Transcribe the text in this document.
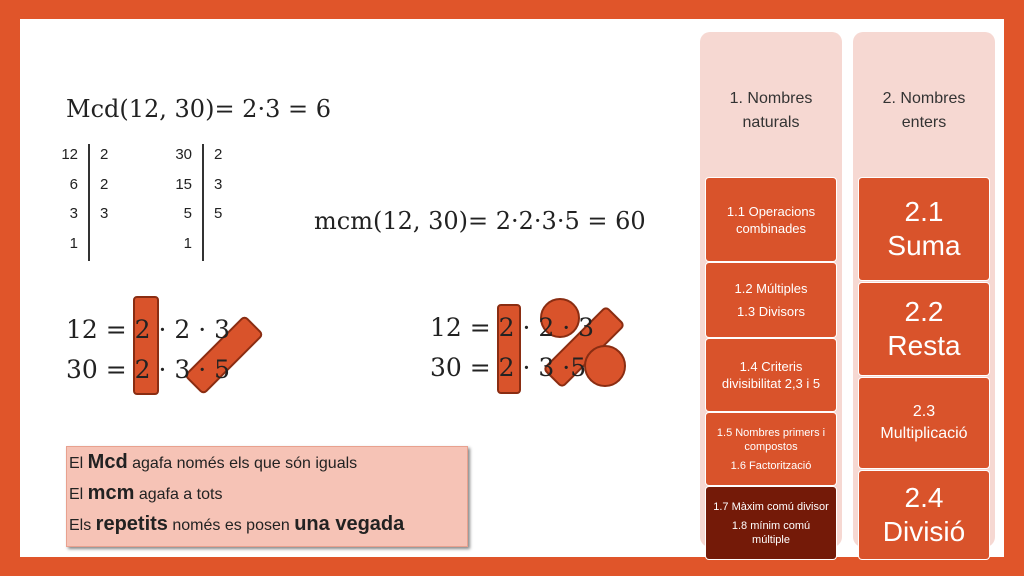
Mcd(12, 30)= 2·3 = 6
12
6
3
1
2
2
3
30
15
5
1
2
3
5	mcm(12, 30)= 2·2·3·5 = 60
12 = 2 · 2 · 3
30 = 2 · 3 · 5
12 = 2 · 2 · 3
30 = 2 · 3 ·5
El Mcd agafa només els que són iguals
El mcm agafa a tots
Els repetits només es posen una vegada
1. Nombres
naturals
1.1 Operacions
combinades
1.2 Múltiples
1.3 Divisors
1.4 Criteris
divisibilitat 2,3 i 5
1.5 Nombres primers i
compostos
1.6 Factorització
1.7 Màxim comú divisor
1.8 mínim comú
múltiple
2. Nombres
enters
2.1
Suma
2.2
Resta
2.3
Multiplicació
2.4
Divisió
